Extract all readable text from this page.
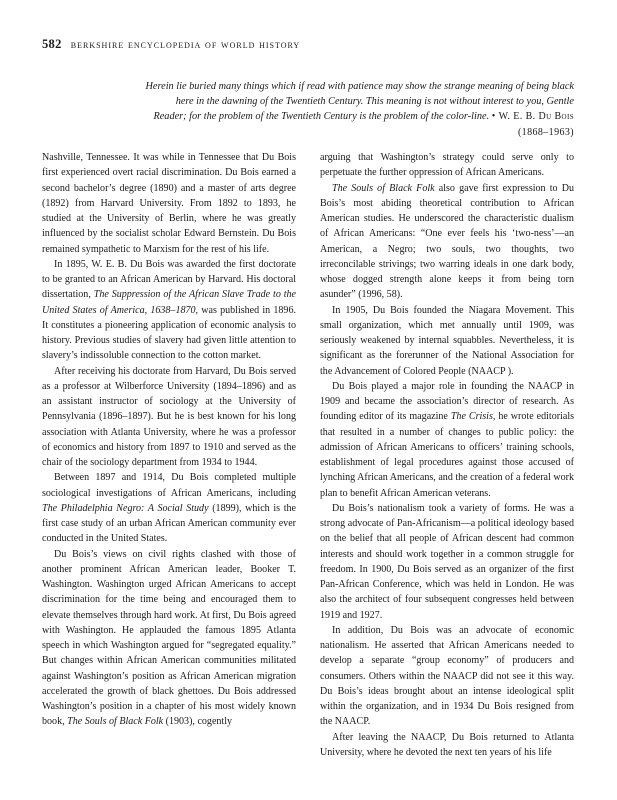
582 berkshire encyclopedia of world history
Herein lie buried many things which if read with patience may show the strange meaning of being black here in the dawning of the Twentieth Century. This meaning is not without interest to you, Gentle Reader; for the problem of the Twentieth Century is the problem of the color-line. • W. E. B. Du Bois (1868–1963)

Nashville, Tennessee. It was while in Tennessee that Du Bois first experienced overt racial discrimination. Du Bois earned a second bachelor’s degree (1890) and a master of arts degree (1892) from Harvard University. From 1892 to 1893, he studied at the University of Berlin, where he was greatly influenced by the socialist scholar Edward Bernstein. Du Bois remained sympathetic to Marxism for the rest of his life.

In 1895, W. E. B. Du Bois was awarded the first doctorate to be granted to an African American by Harvard. His doctoral dissertation, The Suppression of the African Slave Trade to the United States of America, 1638–1870, was published in 1896. It constitutes a pioneering application of economic analysis to history. Previous studies of slavery had given little attention to slavery’s indissoluble connection to the cotton market.

After receiving his doctorate from Harvard, Du Bois served as a professor at Wilberforce University (1894–1896) and as an assistant instructor of sociology at the University of Pennsylvania (1896–1897). But he is best known for his long association with Atlanta University, where he was a professor of economics and history from 1897 to 1910 and served as the chair of the sociology department from 1934 to 1944.

Between 1897 and 1914, Du Bois completed multiple sociological investigations of African Americans, including The Philadelphia Negro: A Social Study (1899), which is the first case study of an urban African American community ever conducted in the United States.

Du Bois’s views on civil rights clashed with those of another prominent African American leader, Booker T. Washington. Washington urged African Americans to accept discrimination for the time being and encouraged them to elevate themselves through hard work. At first, Du Bois agreed with Washington. He applauded the famous 1895 Atlanta speech in which Washington argued for “segregated equality.” But changes within African American communities militated against Washington’s position as African American migration accelerated the growth of black ghettoes. Du Bois addressed Washington’s position in a chapter of his most widely known book, The Souls of Black Folk (1903), cogently

arguing that Washington’s strategy could serve only to perpetuate the further oppression of African Americans.

The Souls of Black Folk also gave first expression to Du Bois’s most abiding theoretical contribution to African American studies. He underscored the characteristic dualism of African Americans: “One ever feels his ‘two-ness’—an American, a Negro; two souls, two thoughts, two irreconcilable strivings; two warring ideals in one dark body, whose dogged strength alone keeps it from being torn asunder” (1996, 58).

In 1905, Du Bois founded the Niagara Movement. This small organization, which met annually until 1909, was seriously weakened by internal squabbles. Nevertheless, it is significant as the forerunner of the National Association for the Advancement of Colored People (NAACP ).

Du Bois played a major role in founding the NAACP in 1909 and became the association’s director of research. As founding editor of its magazine The Crisis, he wrote editorials that resulted in a number of changes to public policy: the admission of African Americans to officers’ training schools, establishment of legal procedures against those accused of lynching African Americans, and the creation of a federal work plan to benefit African American veterans.

Du Bois’s nationalism took a variety of forms. He was a strong advocate of Pan-Africanism—a political ideology based on the belief that all people of African descent had common interests and should work together in a common struggle for freedom. In 1900, Du Bois served as an organizer of the first Pan-African Conference, which was held in London. He was also the architect of four subsequent congresses held between 1919 and 1927.

In addition, Du Bois was an advocate of economic nationalism. He asserted that African Americans needed to develop a separate “group economy” of producers and consumers. Others within the NAACP did not see it this way. Du Bois’s ideas brought about an intense ideological split within the organization, and in 1934 Du Bois resigned from the NAACP.

After leaving the NAACP, Du Bois returned to Atlanta University, where he devoted the next ten years of his life
